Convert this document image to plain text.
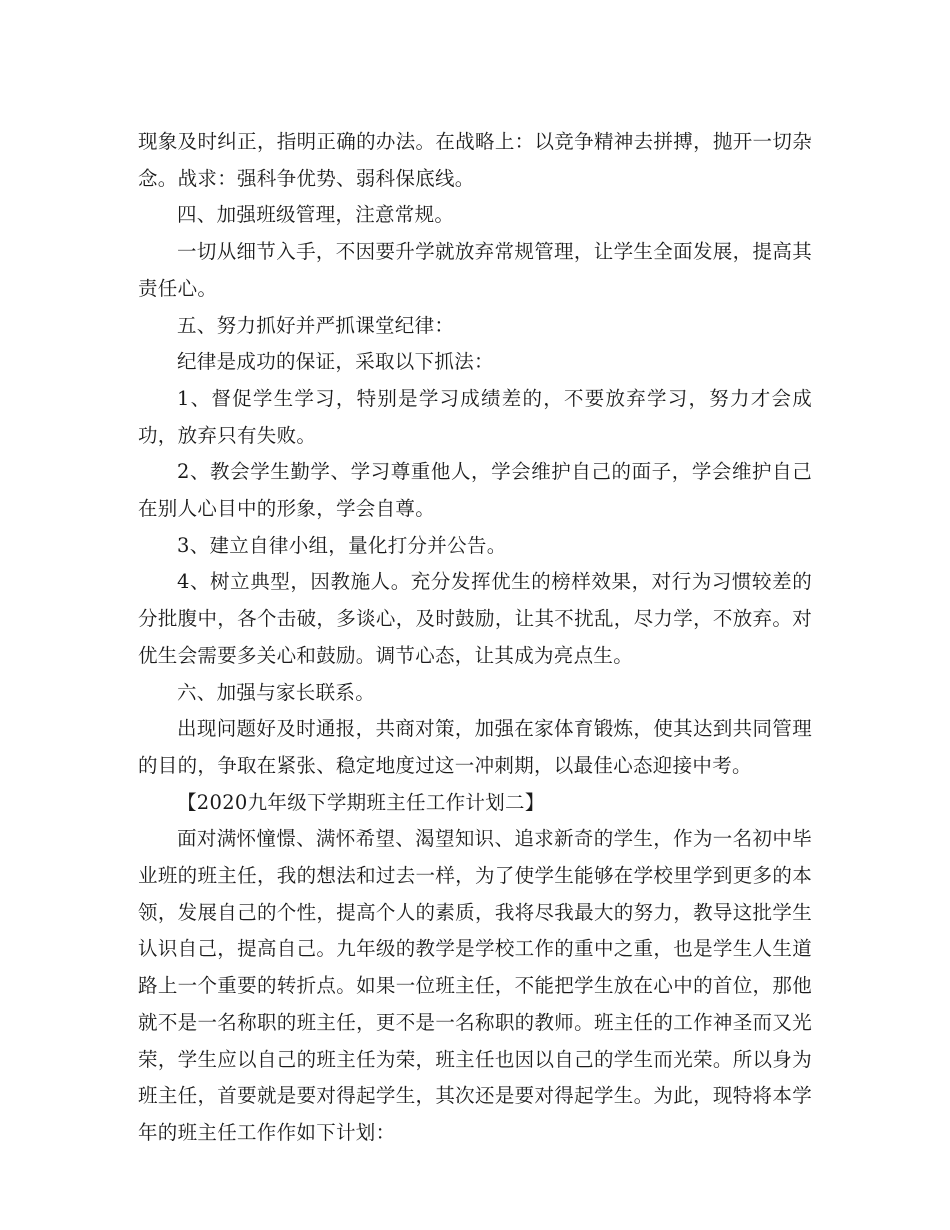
现象及时纠正，指明正确的办法。在战略上：以竞争精神去拼搏，抛开一切杂念。战求：强科争优势、弱科保底线。

四、加强班级管理，注意常规。

一切从细节入手，不因要升学就放弃常规管理，让学生全面发展，提高其责任心。

五、努力抓好并严抓课堂纪律：

纪律是成功的保证，采取以下抓法：

1、督促学生学习，特别是学习成绩差的，不要放弃学习，努力才会成功，放弃只有失败。

2、教会学生勤学、学习尊重他人，学会维护自己的面子，学会维护自己在别人心目中的形象，学会自尊。

3、建立自律小组，量化打分并公告。

4、树立典型，因教施人。充分发挥优生的榜样效果，对行为习惯较差的分批腹中，各个击破，多谈心，及时鼓励，让其不扰乱，尽力学，不放弃。对优生会需要多关心和鼓励。调节心态，让其成为亮点生。

六、加强与家长联系。

出现问题好及时通报，共商对策，加强在家体育锻炼，使其达到共同管理的目的，争取在紧张、稳定地度过这一冲刺期，以最佳心态迎接中考。

【2020九年级下学期班主任工作计划二】

面对满怀憧憬、满怀希望、渴望知识、追求新奇的学生，作为一名初中毕业班的班主任，我的想法和过去一样，为了使学生能够在学校里学到更多的本领，发展自己的个性，提高个人的素质，我将尽我最大的努力，教导这批学生认识自己，提高自己。九年级的教学是学校工作的重中之重，也是学生人生道路上一个重要的转折点。如果一位班主任，不能把学生放在心中的首位，那他就不是一名称职的班主任，更不是一名称职的教师。班主任的工作神圣而又光荣，学生应以自己的班主任为荣，班主任也因以自己的学生而光荣。所以身为班主任，首要就是要对得起学生，其次还是要对得起学生。为此，现特将本学年的班主任工作作如下计划：
